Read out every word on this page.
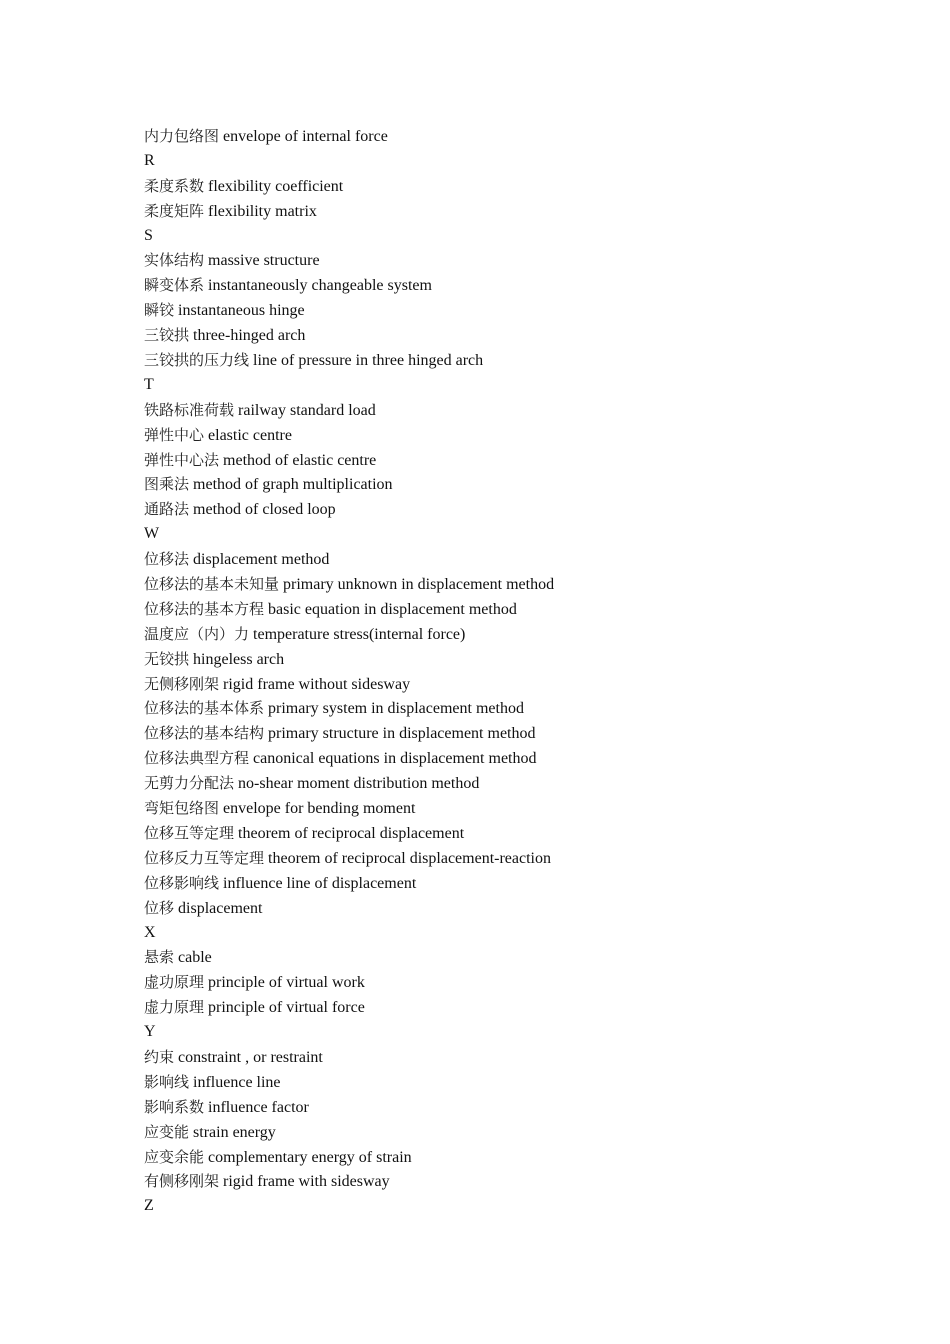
内力包络图 envelope of internal force
R
柔度系数 flexibility coefficient
柔度矩阵 flexibility matrix
S
实体结构 massive structure
瞬变体系 instantaneously changeable system
瞬铰 instantaneous hinge
三铰拱 three-hinged arch
三铰拱的压力线 line of pressure in three hinged arch
T
铁路标准荷载 railway standard load
弹性中心 elastic centre
弹性中心法 method of elastic centre
图乘法 method of graph multiplication
通路法 method of closed loop
W
位移法 displacement method
位移法的基本未知量 primary unknown in displacement method
位移法的基本方程 basic equation in displacement method
温度应（内）力 temperature stress(internal force)
无铰拱 hingeless arch
无侧移刚架 rigid frame without sidesway
位移法的基本体系 primary system in displacement method
位移法的基本结构 primary structure in displacement method
位移法典型方程 canonical equations in displacement method
无剪力分配法 no-shear moment distribution method
弯矩包络图 envelope for bending moment
位移互等定理 theorem of reciprocal displacement
位移反力互等定理 theorem of reciprocal displacement-reaction
位移影响线 influence line of displacement
位移 displacement
X
悬索 cable
虚功原理 principle of virtual work
虚力原理 principle of virtual force
Y
约束 constraint , or restraint
影响线 influence line
影响系数 influence factor
应变能 strain energy
应变余能 complementary energy of strain
有侧移刚架 rigid frame with sidesway
Z
